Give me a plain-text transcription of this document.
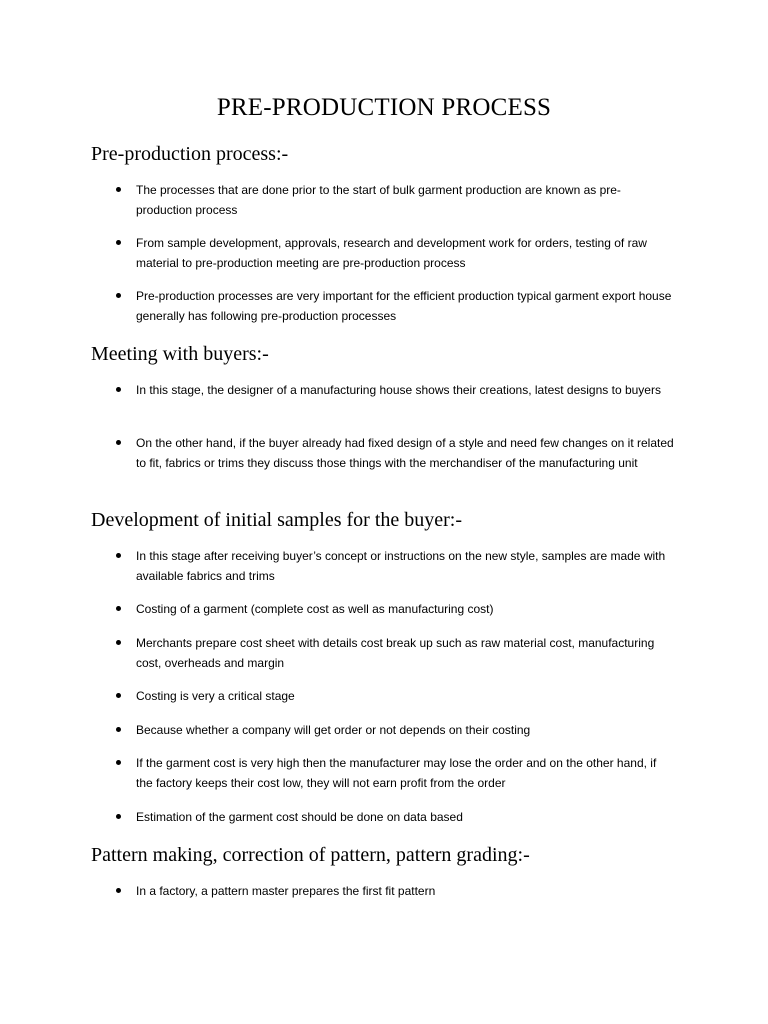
PRE-PRODUCTION PROCESS
Pre-production process:-
The processes that are done prior to the start of bulk garment production are known as pre-production process
From sample development, approvals, research and development work for orders, testing of raw material to pre-production meeting are pre-production process
Pre-production processes are very important for the efficient production typical garment export house generally has following pre-production processes
Meeting with buyers:-
In this stage, the designer of a manufacturing house shows their creations, latest designs to buyers
On the other hand, if the buyer already had fixed design of a style and need few changes on it related to fit, fabrics or trims they discuss those things with the merchandiser of the manufacturing unit
Development of initial samples for the buyer:-
In this stage after receiving buyer’s concept or instructions on the new style, samples are made with available fabrics and trims
Costing of a garment (complete cost as well as manufacturing cost)
Merchants prepare cost sheet with details cost break up such as raw material cost, manufacturing cost, overheads and margin
Costing is very a critical stage
Because whether a company will get order or not depends on their costing
If the garment cost is very high then the manufacturer may lose the order and on the other hand, if the factory keeps their cost low, they will not earn profit from the order
Estimation of the garment cost should be done on data based
Pattern making, correction of pattern, pattern grading:-
In a factory, a pattern master prepares the first fit pattern
